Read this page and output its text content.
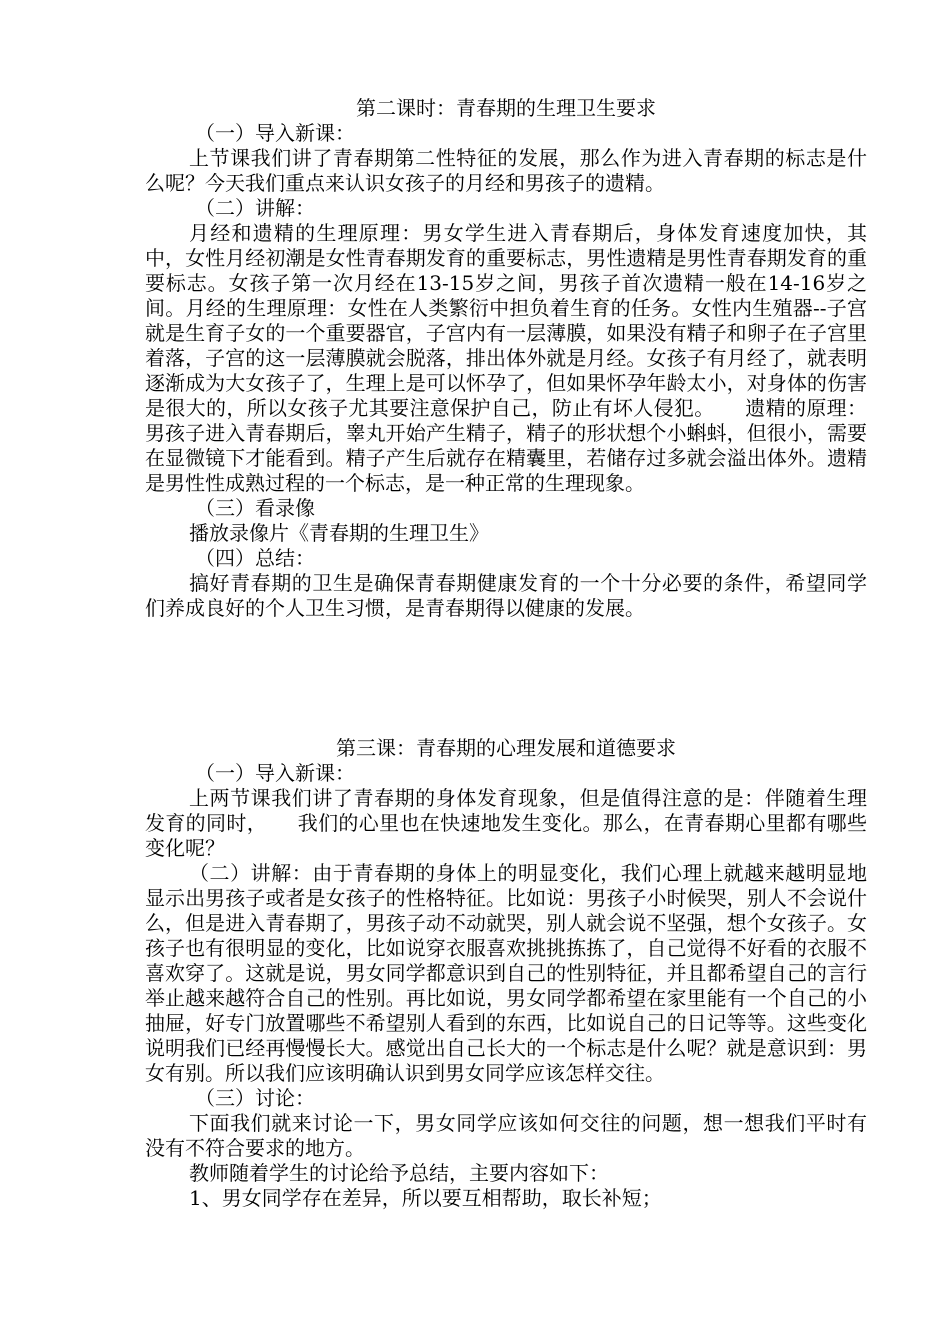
第二课时：青春期的生理卫生要求

（一）导入新课：

上节课我们讲了青春期第二性特征的发展，那么作为进入青春期的标志是什么呢？今天我们重点来认识女孩子的月经和男孩子的遗精。

（二）讲解：

月经和遗精的生理原理：男女学生进入青春期后，身体发育速度加快，其中，女性月经初潮是女性青春期发育的重要标志，男性遗精是男性青春期发育的重要标志。女孩子第一次月经在13-15岁之间，男孩子首次遗精一般在14-16岁之间。月经的生理原理：女性在人类繁衍中担负着生育的任务。女性内生殖器--子宫就是生育子女的一个重要器官，子宫内有一层薄膜，如果没有精子和卵子在子宫里着落，子宫的这一层薄膜就会脱落，排出体外就是月经。女孩子有月经了，就表明逐渐成为大女孩子了，生理上是可以怀孕了，但如果怀孕年龄太小，对身体的伤害是很大的，所以女孩子尤其要注意保护自己，防止有坏人侵犯。　　遗精的原理：男孩子进入青春期后，睾丸开始产生精子，精子的形状想个小蝌蚪，但很小，需要在显微镜下才能看到。精子产生后就存在精囊里，若储存过多就会溢出体外。遗精是男性性成熟过程的一个标志，是一种正常的生理现象。

（三）看录像

播放录像片《青春期的生理卫生》

（四）总结：

搞好青春期的卫生是确保青春期健康发育的一个十分必要的条件，希望同学们养成良好的个人卫生习惯，是青春期得以健康的发展。

第三课：青春期的心理发展和道德要求

（一）导入新课：

上两节课我们讲了青春期的身体发育现象，但是值得注意的是：伴随着生理发育的同时，　　我们的心里也在快速地发生变化。那么，在青春期心里都有哪些变化呢？

（二）讲解：由于青春期的身体上的明显变化，我们心理上就越来越明显地显示出男孩子或者是女孩子的性格特征。比如说：男孩子小时候哭，别人不会说什么，但是进入青春期了，男孩子动不动就哭，别人就会说不坚强，想个女孩子。女孩子也有很明显的变化，比如说穿衣服喜欢挑挑拣拣了，自己觉得不好看的衣服不喜欢穿了。这就是说，男女同学都意识到自己的性别特征，并且都希望自己的言行举止越来越符合自己的性别。再比如说，男女同学都希望在家里能有一个自己的小抽屉，好专门放置哪些不希望别人看到的东西，比如说自己的日记等等。这些变化说明我们已经再慢慢长大。感觉出自己长大的一个标志是什么呢？就是意识到：男女有别。所以我们应该明确认识到男女同学应该怎样交往。

（三）讨论：

下面我们就来讨论一下，男女同学应该如何交往的问题，想一想我们平时有没有不符合要求的地方。

教师随着学生的讨论给予总结，主要内容如下：

1、男女同学存在差异，所以要互相帮助，取长补短；
